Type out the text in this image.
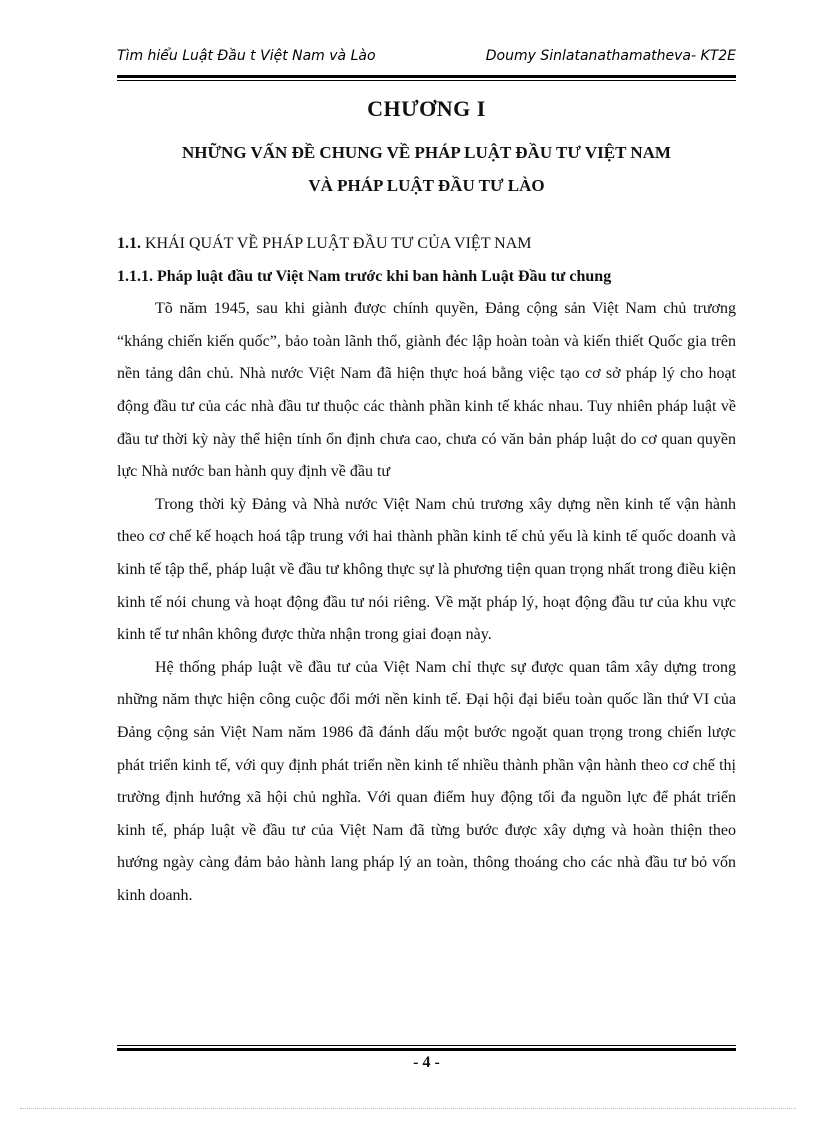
Tìm hiểu Luật Đầu t Việt Nam và Lào	Doumy Sinlatanathamatheva- KT2E
CHƯƠNG I
NHỮNG VẤN ĐỀ CHUNG VỀ PHÁP LUẬT ĐẦU TƯ VIỆT NAM
VÀ PHÁP LUẬT ĐẦU TƯ LÀO

1.1. KHÁI QUÁT VỀ PHÁP LUẬT ĐẦU TƯ CỦA VIỆT NAM

1.1.1. Pháp luật đầu tư Việt Nam trước khi ban hành Luật Đầu tư chung

Tõ năm 1945, sau khi giành được chính quyền, Đảng cộng sản Việt Nam chủ trương “kháng chiến kiến quốc”, bảo toàn lãnh thổ, giành đéc lập hoàn toàn và kiến thiết Quốc gia trên nền tảng dân chủ. Nhà nước Việt Nam đã hiện thực hoá bằng việc tạo cơ sở pháp lý cho hoạt động đầu tư của các nhà đầu tư thuộc các thành phần kinh tế khác nhau. Tuy nhiên pháp luật về đầu tư thời kỳ này thể hiện tính ổn định chưa cao, chưa có văn bản pháp luật do cơ quan quyền lực Nhà nước ban hành quy định về đầu tư

Trong thời kỳ Đảng và Nhà nước Việt Nam chủ trương xây dựng nền kinh tế vận hành theo cơ chế kế hoạch hoá tập trung với hai thành phần kinh tế chủ yếu là kinh tế quốc doanh và kinh tế tập thể, pháp luật về đầu tư không thực sự là phương tiện quan trọng nhất trong điều kiện kinh tế nói chung và hoạt động đầu tư nói riêng. Về mặt pháp lý, hoạt động đầu tư của khu vực kinh tế tư nhân không được thừa nhận trong giai đoạn này.

Hệ thống pháp luật về đầu tư của Việt Nam chỉ thực sự được quan tâm xây dựng trong những năm thực hiện công cuộc đổi mới nền kinh tế. Đại hội đại biểu toàn quốc lần thứ VI của Đảng cộng sản Việt Nam năm 1986 đã đánh dấu một bước ngoặt quan trọng trong chiến lược phát triển kinh tế, với quy định phát triển nền kinh tế nhiều thành phần vận hành theo cơ chế thị trường định hướng xã hội chủ nghĩa. Với quan điểm huy động tối đa nguồn lực để phát triển kinh tế, pháp luật về đầu tư của Việt Nam đã từng bước được xây dựng và hoàn thiện theo hướng ngày càng đảm bảo hành lang pháp lý an toàn, thông thoáng cho các nhà đầu tư bỏ vốn kinh doanh.

- 4 -
